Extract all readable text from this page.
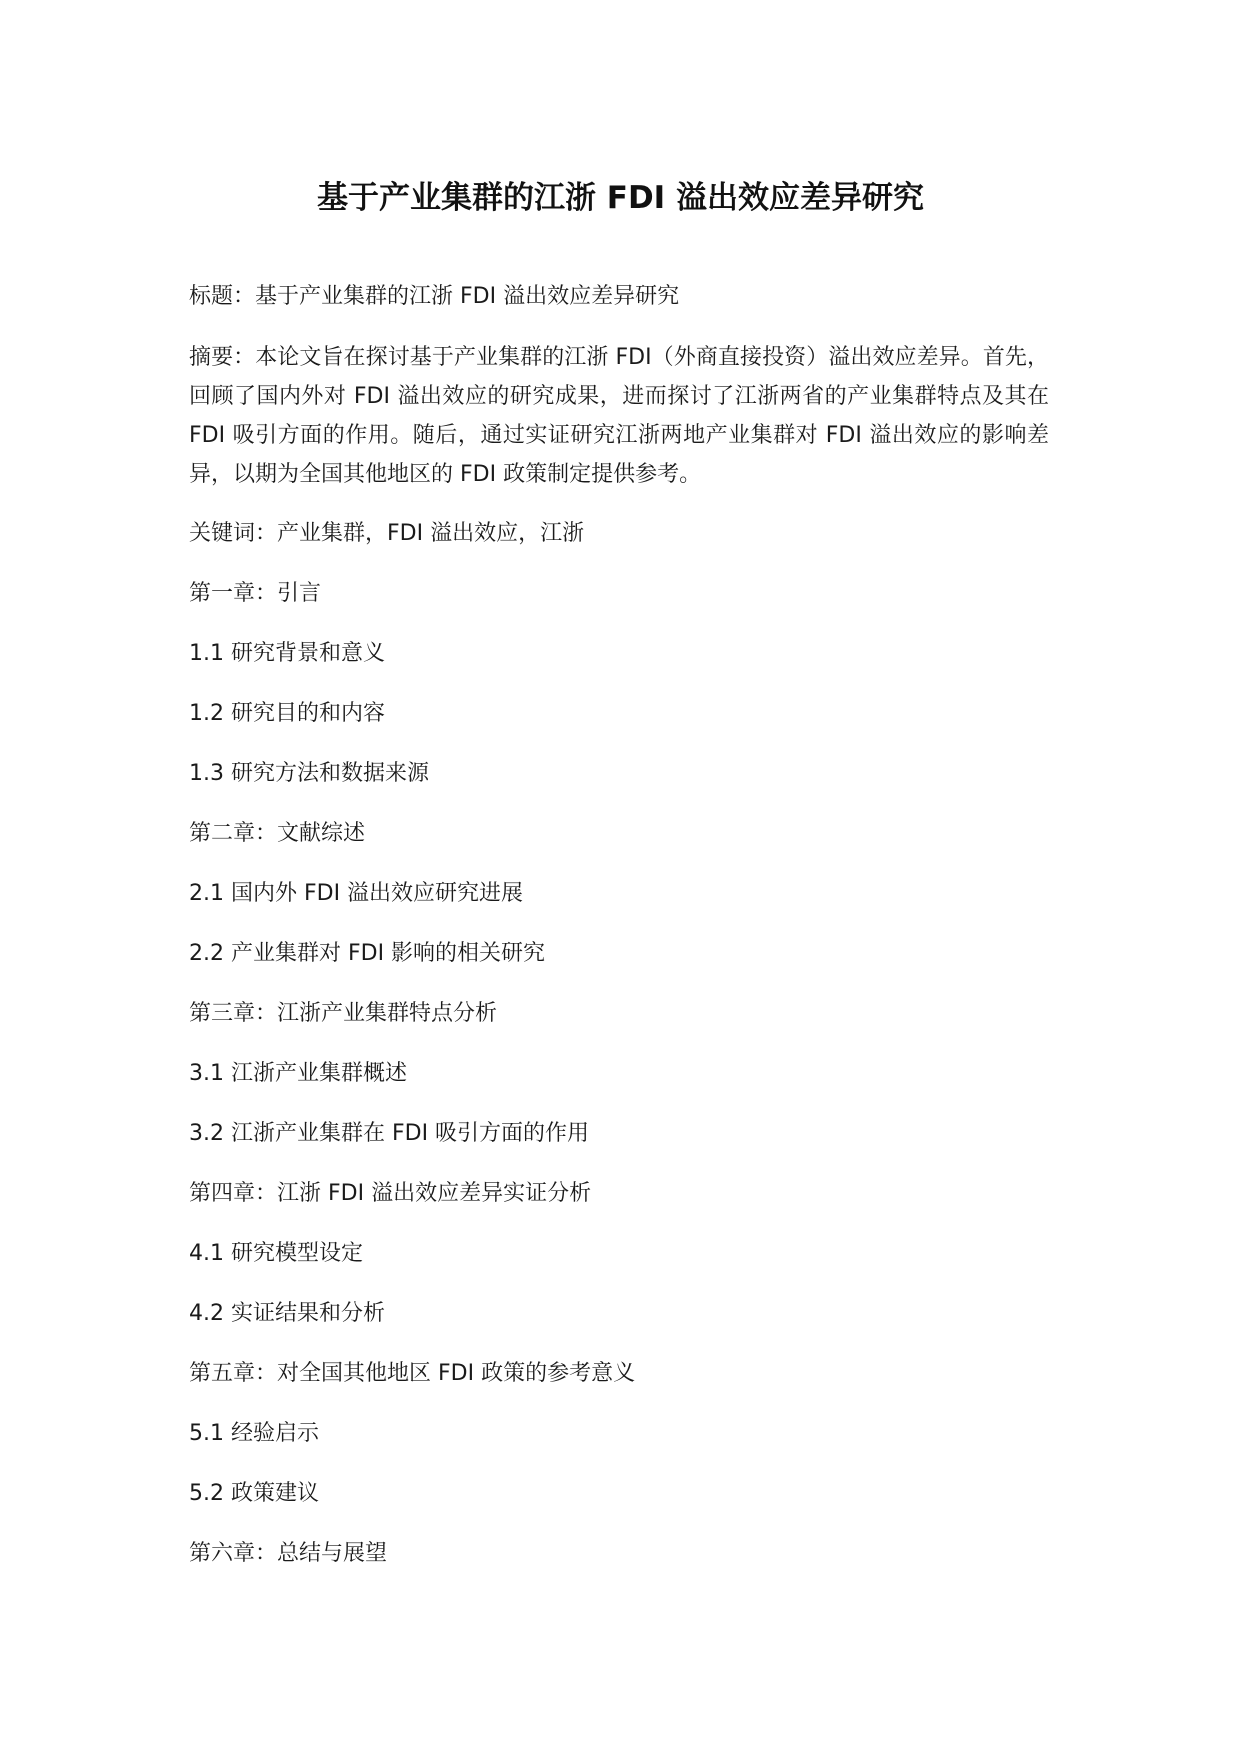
基于产业集群的江浙 FDI 溢出效应差异研究

标题：基于产业集群的江浙 FDI 溢出效应差异研究

摘要：本论文旨在探讨基于产业集群的江浙 FDI（外商直接投资）溢出效应差异。首先，回顾了国内外对 FDI 溢出效应的研究成果，进而探讨了江浙两省的产业集群特点及其在 FDI 吸引方面的作用。随后，通过实证研究江浙两地产业集群对 FDI 溢出效应的影响差异，以期为全国其他地区的 FDI 政策制定提供参考。

关键词：产业集群，FDI 溢出效应，江浙

第一章：引言

1.1 研究背景和意义

1.2 研究目的和内容

1.3 研究方法和数据来源

第二章：文献综述

2.1 国内外 FDI 溢出效应研究进展

2.2 产业集群对 FDI 影响的相关研究

第三章：江浙产业集群特点分析

3.1 江浙产业集群概述

3.2 江浙产业集群在 FDI 吸引方面的作用

第四章：江浙 FDI 溢出效应差异实证分析

4.1 研究模型设定

4.2 实证结果和分析

第五章：对全国其他地区 FDI 政策的参考意义

5.1 经验启示

5.2 政策建议

第六章：总结与展望
